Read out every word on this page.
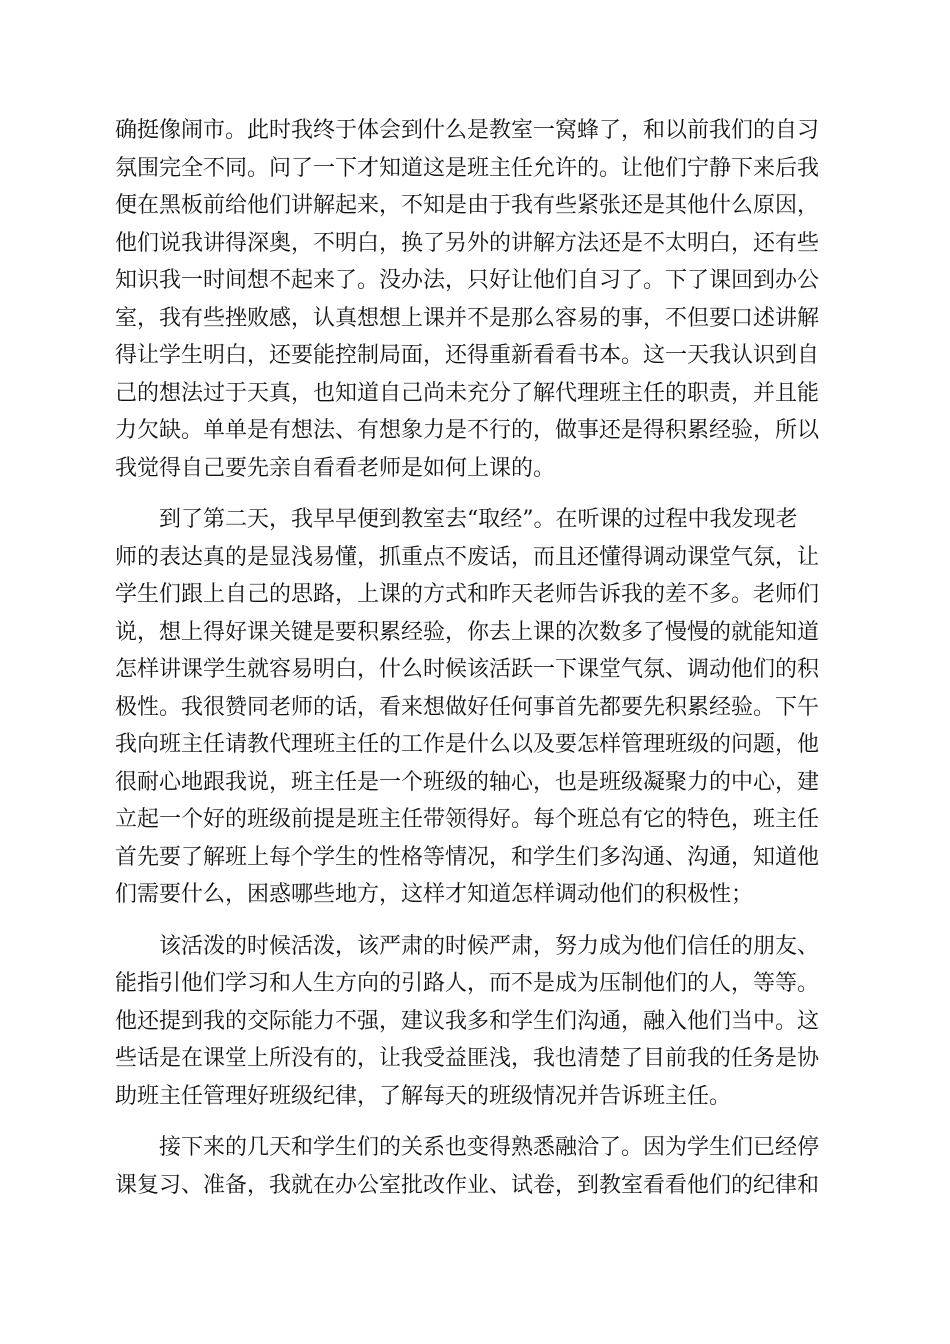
确挺像闹市。此时我终于体会到什么是教室一窝蜂了，和以前我们的自习
氛围完全不同。问了一下才知道这是班主任允许的。让他们宁静下来后我
便在黑板前给他们讲解起来，不知是由于我有些紧张还是其他什么原因，
他们说我讲得深奥，不明白，换了另外的讲解方法还是不太明白，还有些
知识我一时间想不起来了。没办法，只好让他们自习了。下了课回到办公
室，我有些挫败感，认真想想上课并不是那么容易的事，不但要口述讲解
得让学生明白，还要能控制局面，还得重新看看书本。这一天我认识到自
己的想法过于天真，也知道自己尚未充分了解代理班主任的职责，并且能
力欠缺。单单是有想法、有想象力是不行的，做事还是得积累经验，所以
我觉得自己要先亲自看看老师是如何上课的。
　　到了第二天，我早早便到教室去“取经”。在听课的过程中我发现老
师的表达真的是显浅易懂，抓重点不废话，而且还懂得调动课堂气氛，让
学生们跟上自己的思路，上课的方式和昨天老师告诉我的差不多。老师们
说，想上得好课关键是要积累经验，你去上课的次数多了慢慢的就能知道
怎样讲课学生就容易明白，什么时候该活跃一下课堂气氛、调动他们的积
极性。我很赞同老师的话，看来想做好任何事首先都要先积累经验。下午
我向班主任请教代理班主任的工作是什么以及要怎样管理班级的问题，他
很耐心地跟我说，班主任是一个班级的轴心，也是班级凝聚力的中心，建
立起一个好的班级前提是班主任带领得好。每个班总有它的特色，班主任
首先要了解班上每个学生的性格等情况，和学生们多沟通、沟通，知道他
们需要什么，困惑哪些地方，这样才知道怎样调动他们的积极性；
　　该活泼的时候活泼，该严肃的时候严肃，努力成为他们信任的朋友、
能指引他们学习和人生方向的引路人，而不是成为压制他们的人，等等。
他还提到我的交际能力不强，建议我多和学生们沟通，融入他们当中。这
些话是在课堂上所没有的，让我受益匪浅，我也清楚了目前我的任务是协
助班主任管理好班级纪律，了解每天的班级情况并告诉班主任。
　　接下来的几天和学生们的关系也变得熟悉融洽了。因为学生们已经停
课复习、准备，我就在办公室批改作业、试卷，到教室看看他们的纪律和
